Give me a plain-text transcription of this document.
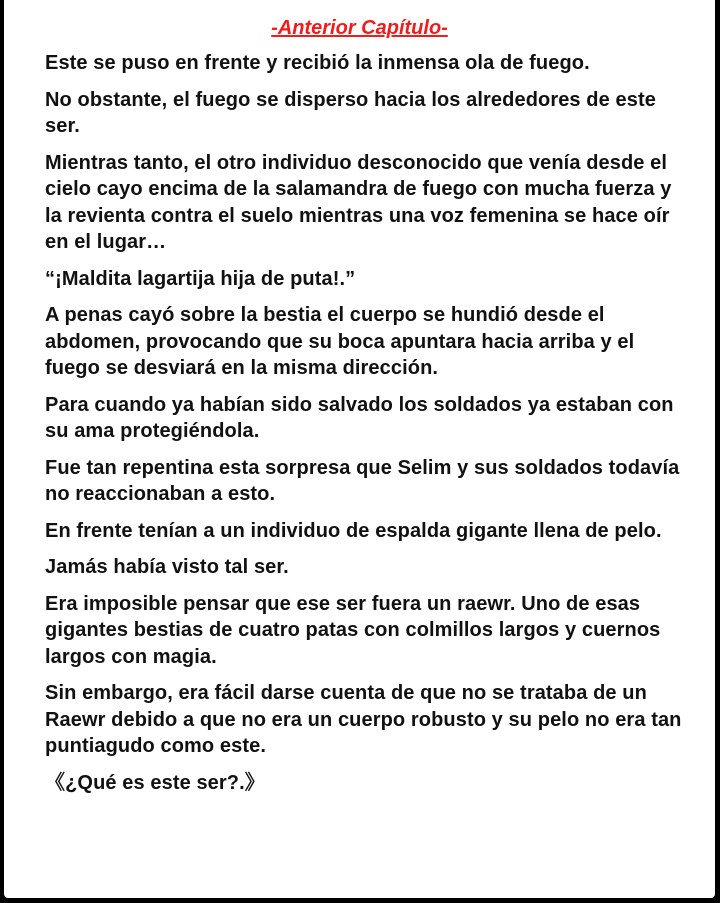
-Anterior Capítulo-

Este se puso en frente y recibió la inmensa ola de fuego.

No obstante, el fuego se disperso hacia los alrededores de este ser.

Mientras tanto, el otro individuo desconocido que venía desde el cielo cayo encima de la salamandra de fuego con mucha fuerza y la revienta contra el suelo mientras una voz femenina se hace oír en el lugar…

“¡Maldita lagartija hija de puta!.”

A penas cayó sobre la bestia el cuerpo se hundió desde el abdomen, provocando que su boca apuntara hacia arriba y el fuego se desviará en la misma dirección.

Para cuando ya habían sido salvado los soldados ya estaban con su ama protegiéndola.

Fue tan repentina esta sorpresa que Selim y sus soldados todavía no reaccionaban a esto.

En frente tenían a un individuo de espalda gigante llena de pelo.

Jamás había visto tal ser.

Era imposible pensar que ese ser fuera un raewr. Uno de esas gigantes bestias de cuatro patas con colmillos largos y cuernos largos con magia.

Sin embargo, era fácil darse cuenta de que no se trataba de un Raewr debido a que no era un cuerpo robusto y su pelo no era tan puntiagudo como este.

《¿Qué es este ser?.》
